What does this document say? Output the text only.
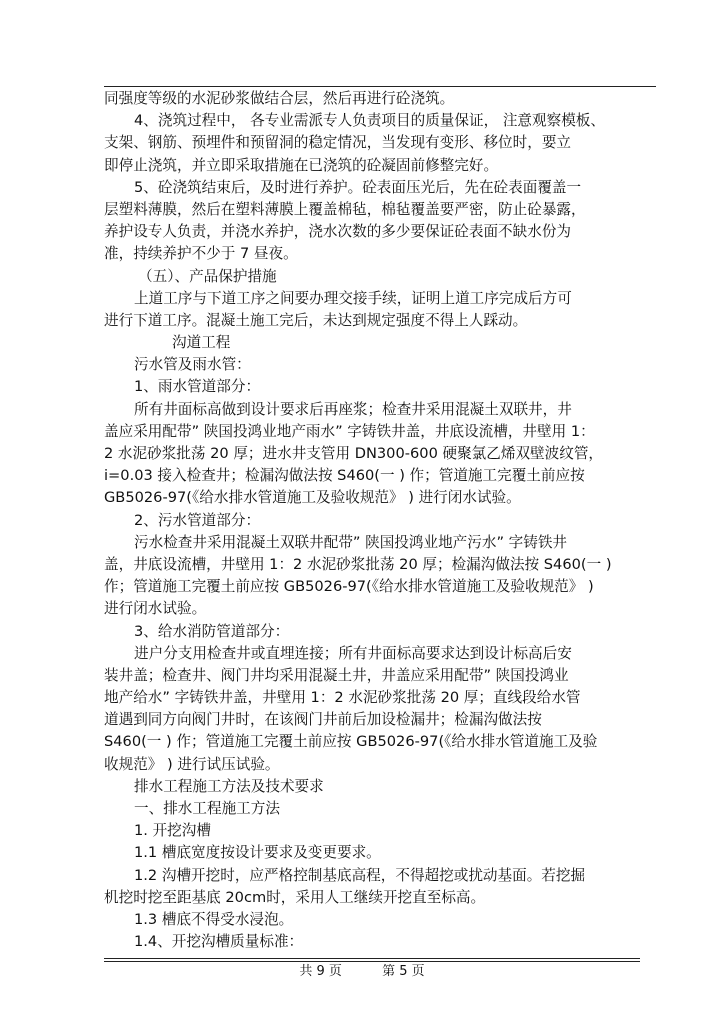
同强度等级的水泥砂浆做结合层，然后再进行砼浇筑。
4、浇筑过程中， 各专业需派专人负责项目的质量保证， 注意观察模板、
支架、钢筋、预埋件和预留洞的稳定情况，当发现有变形、移位时，要立
即停止浇筑，并立即采取措施在已浇筑的砼凝固前修整完好。
5、砼浇筑结束后，及时进行养护。砼表面压光后，先在砼表面覆盖一
层塑料薄膜，然后在塑料薄膜上覆盖棉毡，棉毡覆盖要严密，防止砼暴露，
养护设专人负责，并浇水养护，浇水次数的多少要保证砼表面不缺水份为
准，持续养护不少于 7 昼夜。
（五）、产品保护措施
上道工序与下道工序之间要办理交接手续，证明上道工序完成后方可
进行下道工序。混凝土施工完后，未达到规定强度不得上人踩动。
沟道工程
污水管及雨水管：
1、雨水管道部分：
所有井面标高做到设计要求后再座浆；检查井采用混凝土双联井，井
盖应采用配带” 陕国投鸿业地产雨水” 字铸铁井盖，井底设流槽，井壁用 1：
2 水泥砂浆批荡 20 厚；进水井支管用 DN300-600 硬聚氯乙烯双壁波纹管，
i=0.03 接入检查井；检漏沟做法按 S460(一 ) 作；管道施工完覆土前应按
GB5026-97(《给水排水管道施工及验收规范》 ) 进行闭水试验。
2、污水管道部分：
污水检查井采用混凝土双联井配带” 陕国投鸿业地产污水” 字铸铁井
盖，井底设流槽，井壁用 1：2 水泥砂浆批荡 20 厚；检漏沟做法按 S460(一 )
作；管道施工完覆土前应按 GB5026-97(《给水排水管道施工及验收规范》 )
进行闭水试验。
3、给水消防管道部分：
进户分支用检查井或直埋连接；所有井面标高要求达到设计标高后安
装井盖；检查井、阀门井均采用混凝土井，井盖应采用配带” 陕国投鸿业
地产给水” 字铸铁井盖，井壁用 1：2 水泥砂浆批荡 20 厚；直线段给水管
道遇到同方向阀门井时，在该阀门井前后加设检漏井；检漏沟做法按
S460(一 ) 作；管道施工完覆土前应按 GB5026-97(《给水排水管道施工及验
收规范》 ) 进行试压试验。
排水工程施工方法及技术要求
一、排水工程施工方法
1. 开挖沟槽
1.1 槽底宽度按设计要求及变更要求。
1.2 沟槽开挖时，应严格控制基底高程，不得超挖或扰动基面。若挖掘
机挖时挖至距基底 20cm时，采用人工继续开挖直至标高。
1.3 槽底不得受水浸泡。
1.4、开挖沟槽质量标准：
共 9 页	第 5 页
